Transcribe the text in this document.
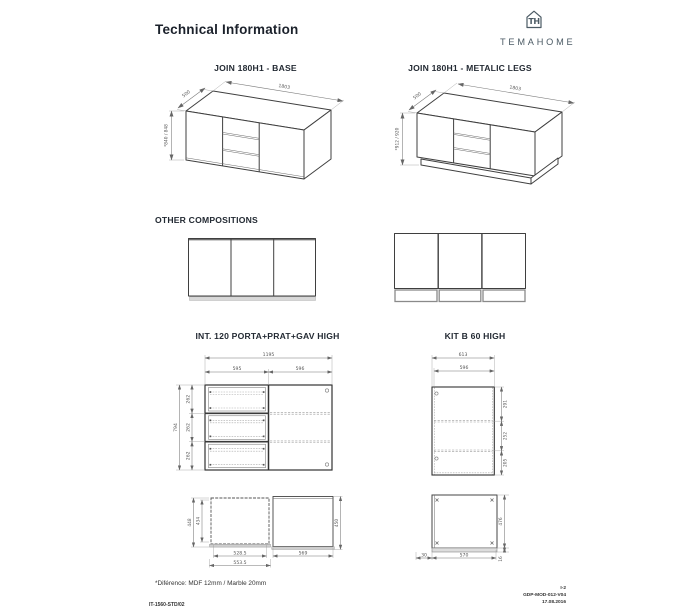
Technical Information
TH
TEMAHOME
JOIN 180H1 - BASE	JOIN 180H1 - METALIC LEGS
1803
500
*840 / 848
1803
500
*912 / 920
OTHER COMPOSITIONS
INT. 120 PORTA+PRAT+GAV HIGH	KIT B 60 HIGH
1195
595	596
794
262
262
262
448 434
528.5
553.5
450
569
613
596
291
252
205
476
16
30	570
*Diférence: MDF 12mm / Marble 20mm
IT-1560-STD/02
I-2
GDP-MOD-012-V04
17.08.2016
